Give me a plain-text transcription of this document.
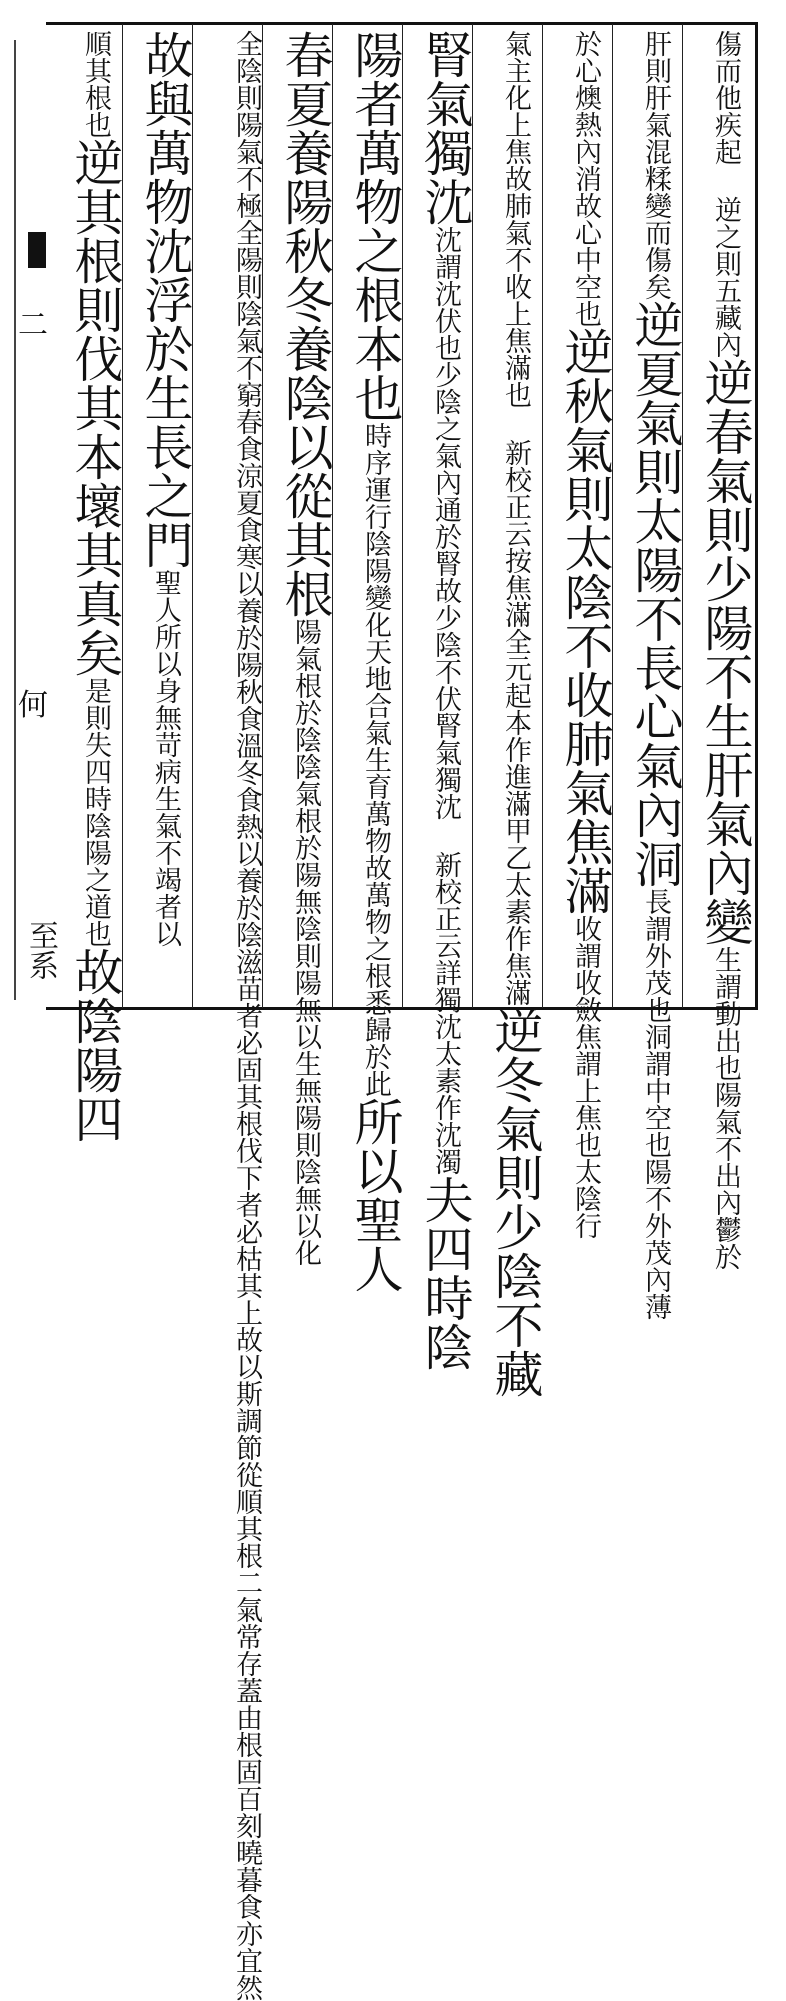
二
何
至系
傷而他疾起 逆之則五藏內逆春氣則少陽不生肝氣內變生謂動出也陽氣不出內鬱於
肝則肝氣混糅變而傷矣逆夏氣則太陽不長心氣內洞長謂外茂也洞謂中空也陽不外茂內薄
於心燠熱內消故心中空也逆秋氣則太陰不收肺氣焦滿收謂收斂焦謂上焦也太陰行
氣主化上焦故肺氣不收上焦滿也 新校正云按焦滿全元起本作進滿甲乙太素作焦滿逆冬氣則少陰不藏
腎氣獨沈沈謂沈伏也少陰之氣內通於腎故少陰不伏腎氣獨沈 新校正云詳獨沈太素作沈濁夫四時陰
陽者萬物之根本也時序運行陰陽變化天地合氣生育萬物故萬物之根悉歸於此所以聖人
春夏養陽秋冬養陰以從其根陽氣根於陰陰氣根於陽無陰則陽無以生無陽則陰無以化
全陰則陽氣不極全陽則陰氣不窮春食涼夏食寒以養於陽秋食溫冬食熱以養於陰滋苗者必固其根伐下者必枯其上故以斯調節從順其根二氣常存蓋由根固百刻曉暮食亦宜然
故與萬物沈浮於生長之門聖人所以身無苛病生氣不竭者以
順其根也逆其根則伐其本壞其真矣是則失四時陰陽之道也故陰陽四
